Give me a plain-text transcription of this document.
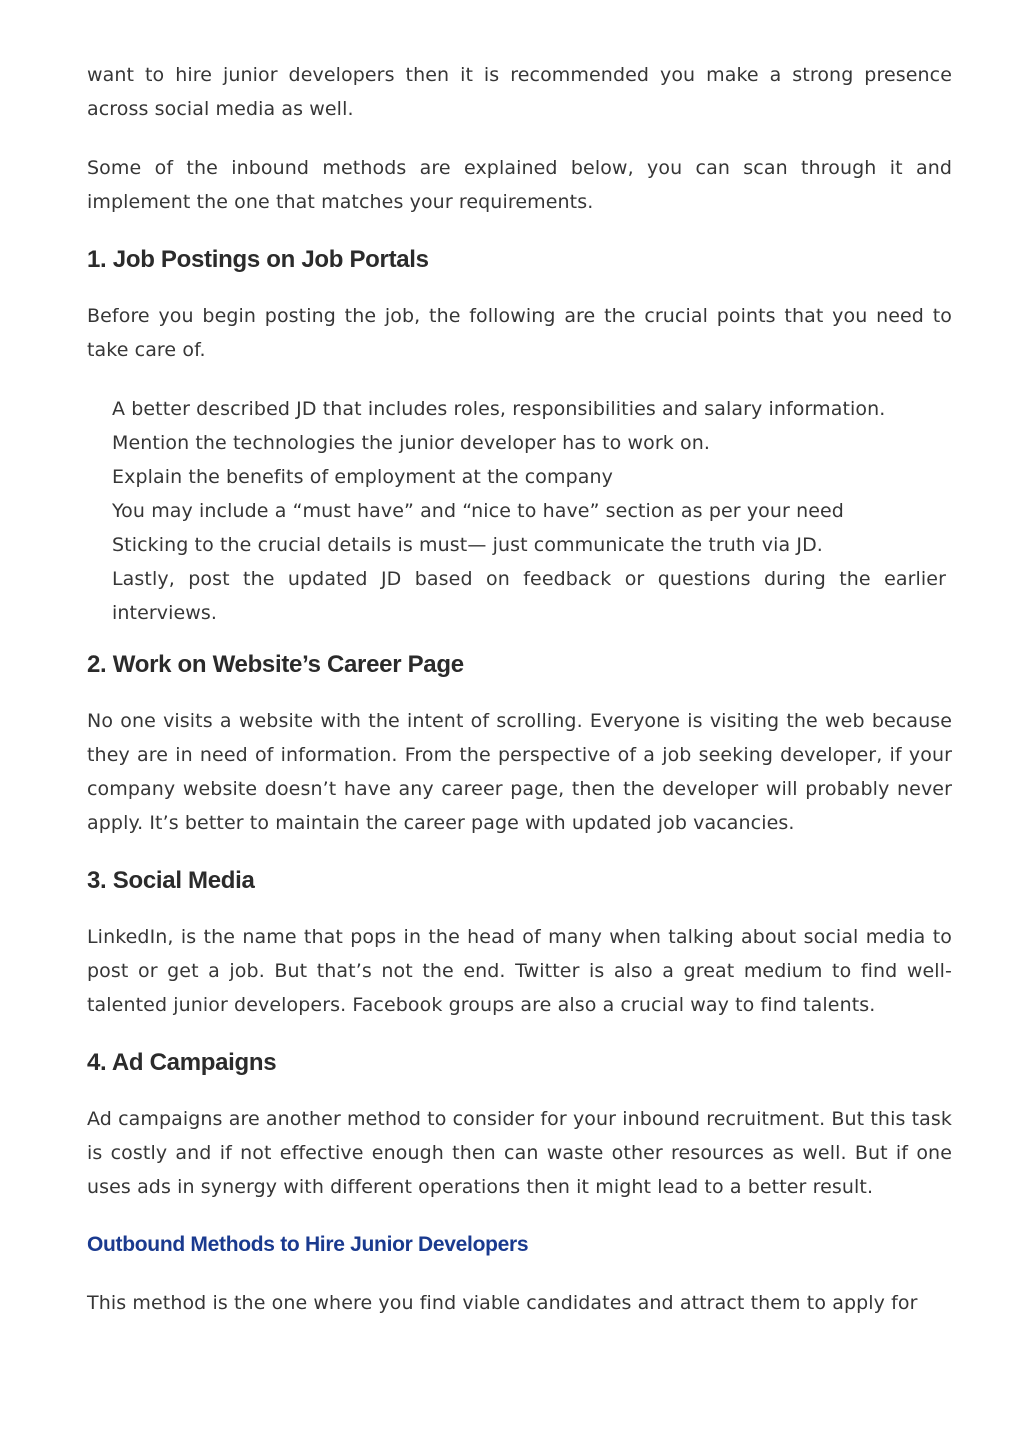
want to hire junior developers then it is recommended you make a strong presence across social media as well.

Some of the inbound methods are explained below, you can scan through it and implement the one that matches your requirements.

1. Job Postings on Job Portals

Before you begin posting the job, the following are the crucial points that you need to take care of.

A better described JD that includes roles, responsibilities and salary information.
Mention the technologies the junior developer has to work on.
Explain the benefits of employment at the company
You may include a “must have” and “nice to have” section as per your need
Sticking to the crucial details is must— just communicate the truth via JD.
Lastly, post the updated JD based on feedback or questions during the earlier interviews.
2. Work on Website’s Career Page

No one visits a website with the intent of scrolling. Everyone is visiting the web because they are in need of information. From the perspective of a job seeking developer, if your company website doesn’t have any career page, then the developer will probably never apply. It’s better to maintain the career page with updated job vacancies.

3. Social Media

LinkedIn, is the name that pops in the head of many when talking about social media to post or get a job. But that’s not the end. Twitter is also a great medium to find well-talented junior developers. Facebook groups are also a crucial way to find talents.

4. Ad Campaigns

Ad campaigns are another method to consider for your inbound recruitment. But this task is costly and if not effective enough then can waste other resources as well. But if one uses ads in synergy with different operations then it might lead to a better result.

Outbound Methods to Hire Junior Developers

This method is the one where you find viable candidates and attract them to apply for
